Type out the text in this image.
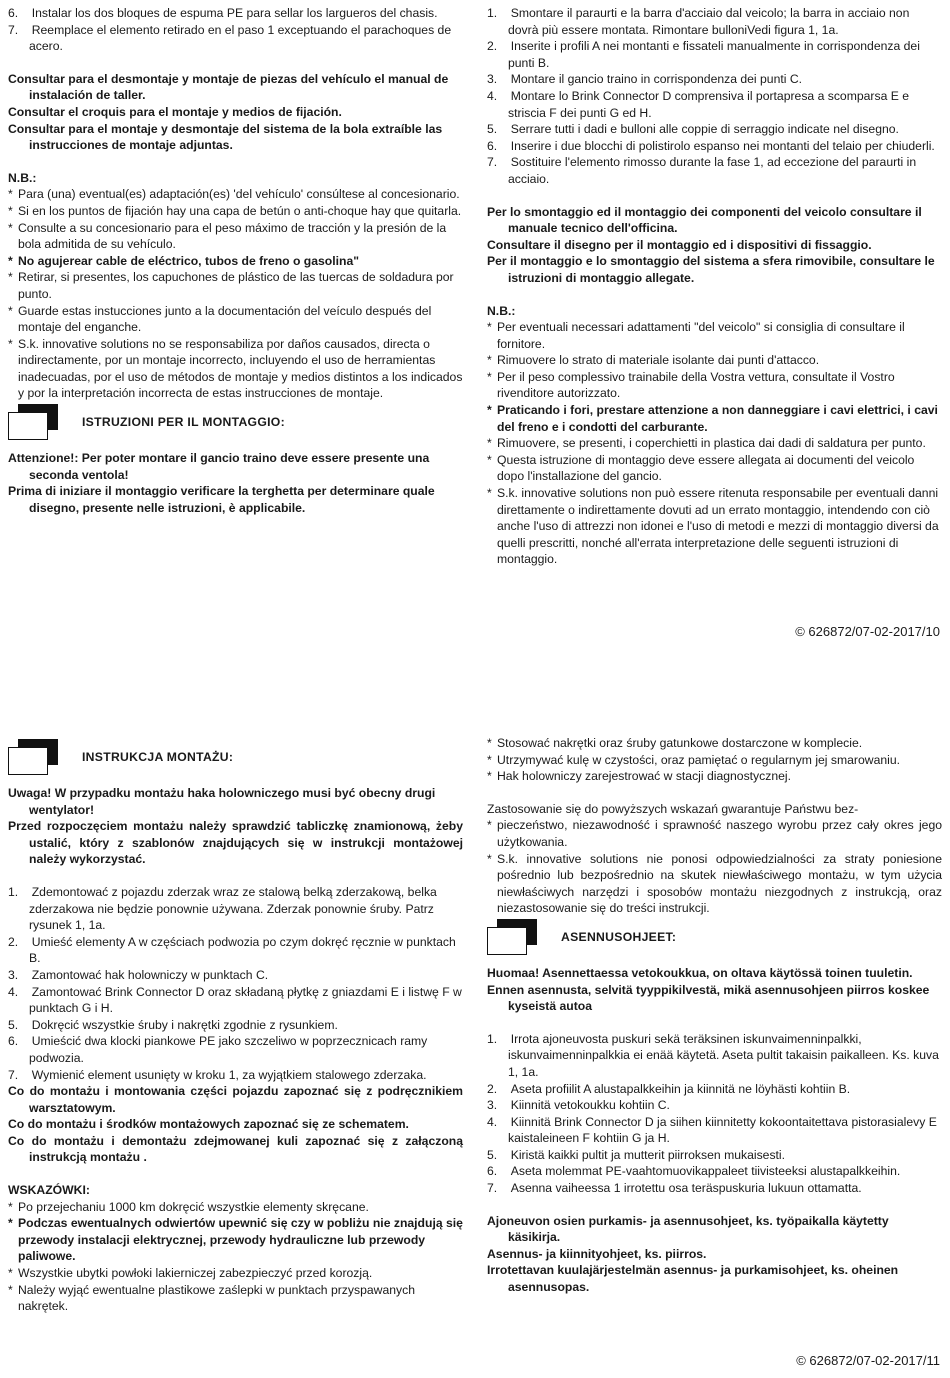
6. Instalar los dos bloques de espuma PE para sellar los largueros del chasis.
7. Reemplace el elemento retirado en el paso 1 exceptuando el parachoques de acero.

Consultar para el desmontaje y montaje de piezas del vehículo el manual de instalación de taller.

Consultar el croquis para el montaje y medios de fijación.

Consultar para el montaje y desmontaje del sistema de la bola extraíble las instrucciones de montaje adjuntas.

N.B.:

* Para (una) eventual(es) adaptación(es) 'del vehículo' consúltese al concesionario.

* Si en los puntos de fijación hay una capa de betún o anti-choque hay que quitarla.

* Consulte a su concesionario para el peso máximo de tracción y la presión de la bola admitida de su vehículo.

* No agujerear cable de eléctrico, tubos de freno o gasolina"

* Retirar, si presentes, los capuchones de plástico de las tuercas de soldadura por punto.

* Guarde estas instucciones junto a la documentación del veículo después del montaje del enganche.

* S.k. innovative solutions no se responsabiliza por daños causados, directa o indirectamente, por un montaje incorrecto, incluyendo el uso de herramientas inadecuadas, por el uso de métodos de montaje y medios distintos a los indicados y por la interpretación incorrecta de estas instrucciones de montaje.

ISTRUZIONI PER IL MONTAGGIO:

Attenzione!: Per poter montare il gancio traino deve essere presente una seconda ventola!

Prima di iniziare il montaggio verificare la terghetta per determinare quale disegno, presente nelle istruzioni, è applicabile.

1. Smontare il paraurti e la barra d'acciaio dal veicolo; la barra in acciaio non dovrà più essere montata. Rimontare bulloniVedi figura 1, 1a.
2. Inserite i profili A nei montanti e fissateli manualmente in corrispondenza dei punti B.
3. Montare il gancio traino in corrispondenza dei punti C.
4. Montare lo Brink Connector D comprensiva il portapresa a scomparsa E e striscia F dei punti G ed H.
5. Serrare tutti i dadi e bulloni alle coppie di serraggio indicate nel disegno.
6. Inserire i due blocchi di polistirolo espanso nei montanti del telaio per chiuderli.
7. Sostituire l'elemento rimosso durante la fase 1, ad eccezione del paraurti in acciaio.

Per lo smontaggio ed il montaggio dei componenti del veicolo consultare il manuale tecnico dell'officina.

Consultare il disegno per il montaggio ed i dispositivi di fissaggio.

Per il montaggio e lo smontaggio del sistema a sfera rimovibile, consultare le istruzioni di montaggio allegate.

N.B.:

* Per eventuali necessari adattamenti "del veicolo" si consiglia di consultare il fornitore.

* Rimuovere lo strato di materiale isolante dai punti d'attacco.

* Per il peso complessivo trainabile della Vostra vettura, consultate il Vostro rivenditore autorizzato.

* Praticando i fori, prestare attenzione a non danneggiare i cavi elettrici, i cavi del freno e i condotti del carburante.

* Rimuovere, se presenti, i coperchietti in plastica dai dadi di saldatura per punto.

* Questa istruzione di montaggio deve essere allegata ai documenti del veicolo dopo l'installazione del gancio.

* S.k. innovative solutions non può essere ritenuta responsabile per eventuali danni direttamente o indirettamente dovuti ad un errato montaggio, intendendo con ciò anche l'uso di attrezzi non idonei e l'uso di metodi e mezzi di montaggio diversi da quelli prescritti, nonché all'errata interpretazione delle seguenti istruzioni di montaggio.

© 626872/07-02-2017/10
INSTRUKCJA MONTAŻU:

Uwaga! W przypadku montażu haka holowniczego musi być obecny drugi wentylator!

Przed rozpoczęciem montażu należy sprawdzić tabliczkę znamionową, żeby ustalić, który z szablonów znajdujących się w instrukcji montażowej należy wykorzystać.

1. Zdemontować z pojazdu zderzak wraz ze stalową belką zderzakową, belka zderzakowa nie będzie ponownie używana. Zderzak ponownie śruby. Patrz rysunek 1, 1a.
2. Umieść elementy A w częściach podwozia po czym dokręć ręcznie w punktach B.
3. Zamontować hak holowniczy w punktach C.
4. Zamontować Brink Connector D oraz składaną płytkę z gniazdami E i listwę F w punktach G i H.
5. Dokręcić wszystkie śruby i nakrętki zgodnie z rysunkiem.
6. Umieścić dwa klocki piankowe PE jako szczeliwo w poprzecznicach ramy podwozia.
7. Wymienić element usunięty w kroku 1, za wyjątkiem stalowego zderzaka.

Co do montażu i montowania części pojazdu zapoznać się z podręcznikiem warsztatowym.

Co do montażu i środków montażowych zapoznać się ze schematem.

Co do montażu i demontażu zdejmowanej kuli zapoznać się z załączoną instrukcją montażu .

WSKAZÓWKI:

* Po przejechaniu 1000 km dokręcić wszystkie elementy skręcane.

* Podczas ewentualnych odwiertów upewnić się czy w pobliżu nie znajdują się przewody instalacji elektrycznej, przewody hydrauliczne lub przewody paliwowe.

* Wszystkie ubytki powłoki lakierniczej zabezpieczyć przed korozją.

* Należy wyjąć ewentualne plastikowe zaślepki w punktach przyspawanych nakrętek.

* Stosować nakrętki oraz śruby gatunkowe dostarczone w komplecie.

* Utrzymywać kulę w czystości, oraz pamiętać o regularnym jej smarowaniu.

* Hak holowniczy zarejestrować w stacji diagnostycznej.

Zastosowanie się do powyższych wskazań gwarantuje Państwu bez-

* pieczeństwo, niezawodność i sprawność naszego wyrobu przez cały okres jego użytkowania.

* S.k. innovative solutions nie ponosi odpowiedzialności za straty poniesione pośrednio lub bezpośrednio na skutek niewłaściwego montażu, w tym użycia niewłaściwych narzędzi i sposobów montażu niezgodnych z instrukcją, oraz niezastosowanie się do treści instrukcji.

ASENNUSOHJEET:

Huomaa! Asennettaessa vetokoukkua, on oltava käytössä toinen tuuletin.

Ennen asennusta, selvitä tyyppikilvestä, mikä asennusohjeen piirros koskee kyseistä autoa

1. Irrota ajoneuvosta puskuri sekä teräksinen iskunvaimenninpalkki, iskunvaimenninpalkkia ei enää käytetä. Aseta pultit takaisin paikalleen. Ks. kuva 1, 1a.
2. Aseta profiilit A alustapalkkeihin ja kiinnitä ne löyhästi kohtiin B.
3. Kiinnitä vetokoukku kohtiin C.
4. Kiinnitä Brink Connector D ja siihen kiinnitetty kokoontaitettava pistorasialevy E kaistaleineen F kohtiin G ja H.
5. Kiristä kaikki pultit ja mutterit piirroksen mukaisesti.
6. Aseta molemmat PE-vaahtomuovikappaleet tiivisteeksi alustapalkkeihin.
7. Asenna vaiheessa 1 irrotettu osa teräspuskuria lukuun ottamatta.

Ajoneuvon osien purkamis- ja asennusohjeet, ks. työpaikalla käytetty käsikirja.

Asennus- ja kiinnityohjeet, ks. piirros.

Irrotettavan kuulajärjestelmän asennus- ja purkamisohjeet, ks. oheinen asennusopas.

© 626872/07-02-2017/11
